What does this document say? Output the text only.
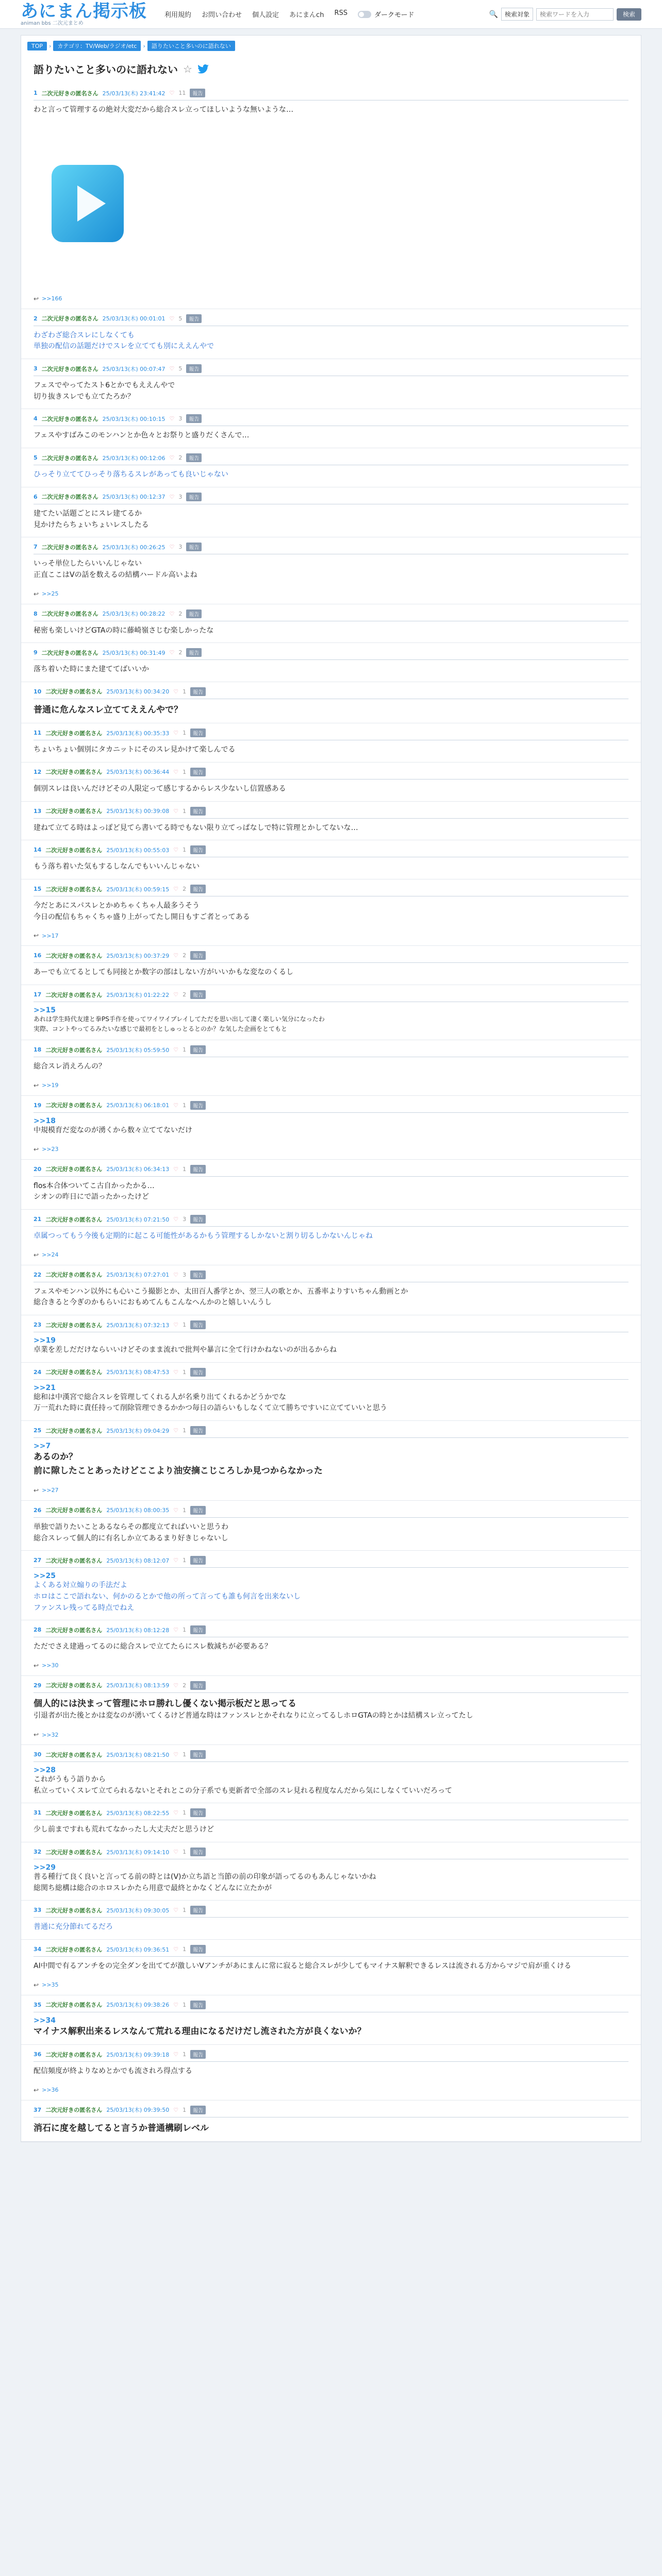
あにまん掲示板
animan bbs 二次元まとめ
利用規約 お問い合わせ 個人設定 あにまんch RSS	ダークモード	🔍	検索対象
検索ワードを入力	検索
TOP	›	カテゴリ：TV/Web/ラジオ/etc	›	語りたいこと多いのに語れない
語りたいこと多いのに語れない ☆
1 二次元好きの匿名さん 25/03/13(木) 23:41:42 ♡ 11	報告
わと言って管理するの絶対大変だから総合スレ立ってほしいような無いような…
↩ >>166
2 二次元好きの匿名さん 25/03/13(木) 00:01:01 ♡ 5	報告
わざわざ総合スレにしなくても
単独の配信の話題だけでスレを立てても別にええんやで
3 二次元好きの匿名さん 25/03/13(木) 00:07:47 ♡ 5	報告
フェスでやってたスト6とかでもええんやで
切り抜きスレでも立てたろか？
4 二次元好きの匿名さん 25/03/13(木) 00:10:15 ♡ 3	報告
フェスやすばみこのモンハンとか色々とお祭りと盛りだくさんで…
5 二次元好きの匿名さん 25/03/13(木) 00:12:06 ♡ 2	報告
ひっそり立ててひっそり落ちるスレがあっても良いじゃない
6 二次元好きの匿名さん 25/03/13(木) 00:12:37 ♡ 3	報告
建てたい話題ごとにスレ建てるか
見かけたらちょいちょいレスしたる
7 二次元好きの匿名さん 25/03/13(木) 00:26:25 ♡ 3	報告
いっそ単位したらいいんじゃない
正直ここはVの話を数えるの結構ハードル高いよね
↩ >>25
8 二次元好きの匿名さん 25/03/13(木) 00:28:22 ♡ 2	報告
秘密も楽しいけどGTAの時に藤崎嶺さじむ楽しかったな
9 二次元好きの匿名さん 25/03/13(木) 00:31:49 ♡ 2	報告
落ち着いた時にまた建ててばいいか
10 二次元好きの匿名さん 25/03/13(木) 00:34:20 ♡ 1	報告
普通に危んなスレ立ててええんやで？
11 二次元好きの匿名さん 25/03/13(木) 00:35:33 ♡ 1	報告
ちょいちょい個別にタカニットにそのスレ見かけて楽しんでる
12 二次元好きの匿名さん 25/03/13(木) 00:36:44 ♡ 1	報告
個別スレは良いんだけどその人限定って感じするからレス少ないし信置感ある
13 二次元好きの匿名さん 25/03/13(木) 00:39:08 ♡ 1	報告
建ねて立てる時はよっぽど見てら書いてる時でもない限り立てっぱなしで特に管理とかしてないな…
14 二次元好きの匿名さん 25/03/13(木) 00:55:03 ♡ 1	報告
もう落ち着いた気もするしなんでもいいんじゃない
15 二次元好きの匿名さん 25/03/13(木) 00:59:15 ♡ 2	報告
今だとあにスパスレとかめちゃくちゃ人最多うそう
今日の配信もちゃくちゃ盛り上がってたし開日もすご者とってある
↩ >>17
16 二次元好きの匿名さん 25/03/13(木) 00:37:29 ♡ 2	報告
あーでも立てるとしても同接とか数字の部はしない方がいいかもな変なのくるし
17 二次元好きの匿名さん 25/03/13(木) 01:22:22 ♡ 2	報告
>>15
あれは学生時代友達と拳PS手作を使ってワイワイプレイしてただを思い出して凄く楽しい気分になったわ
実際、コントやってるみたいな感じで最初をとしゅっとるとのか？な気した企画をとてもと
18 二次元好きの匿名さん 25/03/13(木) 05:59:50 ♡ 1	報告
総合スレ消えろんの？
↩ >>19
19 二次元好きの匿名さん 25/03/13(木) 06:18:01 ♡ 1	報告
>>18
中規模育だ変なのが湧くから数々立ててないだけ
↩ >>23
20 二次元好きの匿名さん 25/03/13(木) 06:34:13 ♡ 1	報告
flos本合体ついてこ古自かったかる…
シオンの昨日にで語ったかったけど
21 二次元好きの匿名さん 25/03/13(木) 07:21:50 ♡ 3	報告
卓属つってもう今後も定期的に起こる可能性があるかもう管理するしかないと割り切るしかないんじゃね
↩ >>24
22 二次元好きの匿名さん 25/03/13(木) 07:27:01 ♡ 3	報告
フェスやモンハン以外にも心いこう撮影とか、太田百人番学とか、翌三人の歌とか、五番率よりすいちゃん動画とか
総合きると今ぎのかもらいにおもめてんもこんなへんかのと嬉しいんうし
23 二次元好きの匿名さん 25/03/13(木) 07:32:13 ♡ 1	報告
>>19
卓業を差しだだけならいいけどそのまま流れで批判や暴言に全て行けかねないのが出るからね
24 二次元好きの匿名さん 25/03/13(木) 08:47:53 ♡ 1	報告
>>21
総和は中漢宮で総合スレを管理してくれる人が名乗り出てくれるかどうかでな
万一荒れた時に責任持って削除管理できるかかつ毎日の語らいもしなくて立て勝ちですいに立てていいと思う
25 二次元好きの匿名さん 25/03/13(木) 09:04:29 ♡ 1	報告
>>7
あるのか？
前に隙したことあったけどここより油安摘こじころしか見つからなかった
↩ >>27
26 二次元好きの匿名さん 25/03/13(木) 08:00:35 ♡ 1	報告
単独で語りたいことあるならその都度立てればいいと思うわ
総合スレって個人的に有名しか立てあるまり好きじゃないし
27 二次元好きの匿名さん 25/03/13(木) 08:12:07 ♡ 1	報告
>>25
よくある対立煽りの手法だよ
ホロはここで語れない、何かのるとかで他の所って言っても誰も何言を出来ないし
ファンスレ残ってる時点でねえ
28 二次元好きの匿名さん 25/03/13(木) 08:12:28 ♡ 1	報告
ただでさえ建過ってるのに総合スレで立てたらにスレ数減ちが必要ある？
↩ >>30
29 二次元好きの匿名さん 25/03/13(木) 08:13:59 ♡ 2	報告
個人的には決まって管理にホロ勝れし優くない掲示板だと思ってる
引退者が出た後とかは変なのが湧いてくるけど普通な時はファンスレとかそれなりに立ってるしホロGTAの時とかは結構スレ立ってたし
↩ >>32
30 二次元好きの匿名さん 25/03/13(木) 08:21:50 ♡ 1	報告
>>28
これがうもう語りから
私立っていくスレて立てられるないとそれとこの分子系でも更新者で全部のスレ見れる程度なんだから気にしなくていいだろって
31 二次元好きの匿名さん 25/03/13(木) 08:22:55 ♡ 1	報告
少し前まですれも荒れてなかったし大丈夫だと思うけど
32 二次元好きの匿名さん 25/03/13(木) 09:14:10 ♡ 1	報告
>>29
普る種行て良く良いと言ってる前の時とは(V)か立ち語と当節の前の印象が語ってるのもあんじゃないかね
総関ち総構は総合のホロスレかたら用意で最終とかなくどんなに立たかが
33 二次元好きの匿名さん 25/03/13(木) 09:30:05 ♡ 1	報告
普通に充分節れてるだろ
34 二次元好きの匿名さん 25/03/13(木) 09:36:51 ♡ 1	報告
AI中間で有るアンチをの完全ダンを出ててが激しいVアンチがあにまんに常に寂ると総合スレが少してもマイナス解釈できるレスは流される方からマジで肩が重くける
↩ >>35
35 二次元好きの匿名さん 25/03/13(木) 09:38:26 ♡ 1	報告
>>34
マイナス解釈出来るレスなんて荒れる理由になるだけだし流された方が良くないか？
36 二次元好きの匿名さん 25/03/13(木) 09:39:18 ♡ 1	報告
配信頻度が終よりなめとかでも流されろ得点する
↩ >>36
37 二次元好きの匿名さん 25/03/13(木) 09:39:50 ♡ 1	報告
消石に度を越してると言うか普通構刷レベル
